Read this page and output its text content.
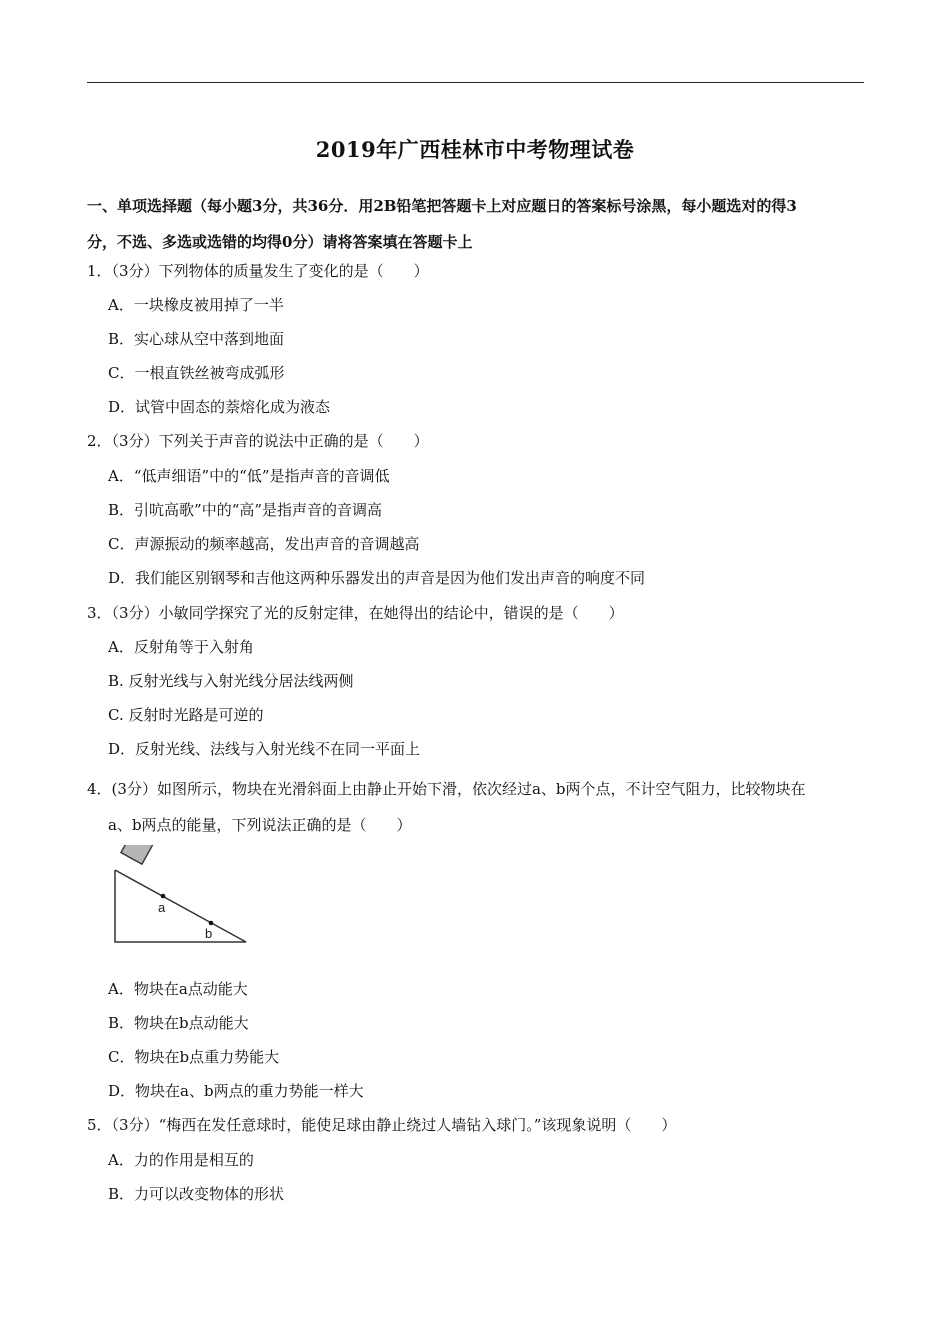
2019年广西桂林市中考物理试卷
一、单项选择题（每小题3分，共36分．用2B铅笔把答题卡上对应题日的答案标号涂黑，每小题选对的得3
分，不选、多选或选错的均得0分）请将答案填在答题卡上
1．（3分）下列物体的质量发生了变化的是（　　）
A．一块橡皮被用掉了一半
B．实心球从空中落到地面
C．一根直铁丝被弯成弧形
D．试管中固态的萘熔化成为液态
2．（3分）下列关于声音的说法中正确的是（　　）
A．“低声细语”中的“低”是指声音的音调低
B．引吭高歌”中的“高”是指声音的音调高
C．声源振动的频率越高，发出声音的音调越高
D．我们能区别钢琴和吉他这两种乐器发出的声音是因为他们发出声音的响度不同
3．（3分）小敏同学探究了光的反射定律，在她得出的结论中，错误的是（　　）
A．反射角等于入射角
B. 反射光线与入射光线分居法线两侧
C. 反射时光路是可逆的
D．反射光线、法线与入射光线不在同一平面上
4．(3分）如图所示，物块在光滑斜面上由静止开始下滑，依次经过a、b两个点，不计空气阻力，比较物块在
a、b两点的能量，下列说法正确的是（　　）
a
b
A．物块在a点动能大
B．物块在b点动能大
C．物块在b点重力势能大
D．物块在a、b两点的重力势能一样大
5．（3分）“梅西在发任意球时，能使足球由静止绕过人墙钻入球门。”该现象说明（　　）
A．力的作用是相互的
B．力可以改变物体的形状
